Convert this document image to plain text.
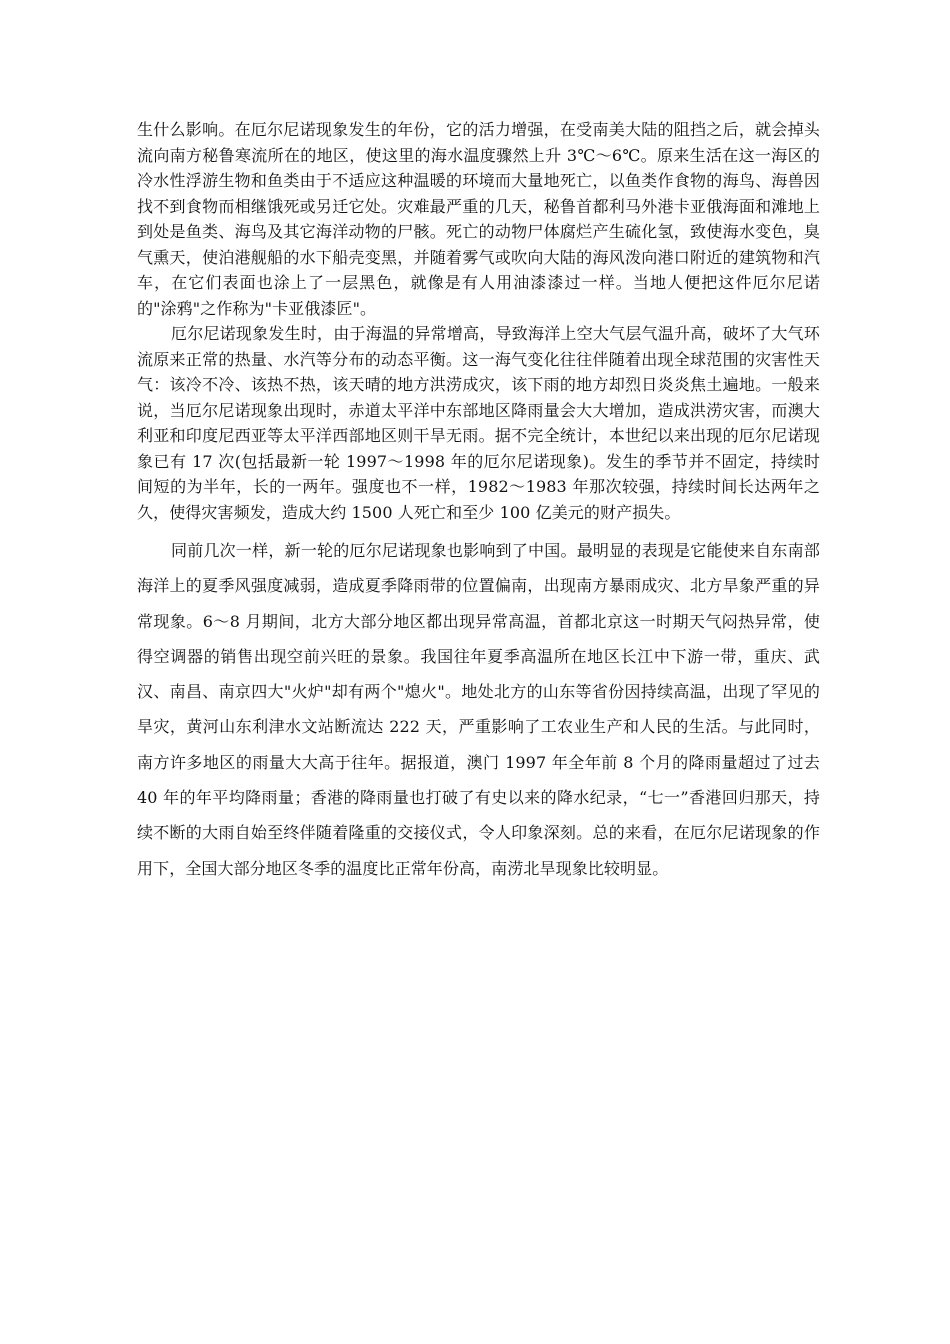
生什么影响。在厄尔尼诺现象发生的年份，它的活力增强，在受南美大陆的阻挡之后，就会掉头流向南方秘鲁寒流所在的地区，使这里的海水温度骤然上升 3℃～6℃。原来生活在这一海区的冷水性浮游生物和鱼类由于不适应这种温暖的环境而大量地死亡，以鱼类作食物的海鸟、海兽因找不到食物而相继饿死或另迁它处。灾难最严重的几天，秘鲁首都利马外港卡亚俄海面和滩地上到处是鱼类、海鸟及其它海洋动物的尸骸。死亡的动物尸体腐烂产生硫化氢，致使海水变色，臭气熏天，使泊港舰船的水下船壳变黑，并随着雾气或吹向大陆的海风泼向港口附近的建筑物和汽车，在它们表面也涂上了一层黑色，就像是有人用油漆漆过一样。当地人便把这件厄尔尼诺的"涂鸦"之作称为"卡亚俄漆匠"。

厄尔尼诺现象发生时，由于海温的异常增高，导致海洋上空大气层气温升高，破坏了大气环流原来正常的热量、水汽等分布的动态平衡。这一海气变化往往伴随着出现全球范围的灾害性天气：该冷不冷、该热不热，该天晴的地方洪涝成灾，该下雨的地方却烈日炎炎焦土遍地。一般来说，当厄尔尼诺现象出现时，赤道太平洋中东部地区降雨量会大大增加，造成洪涝灾害，而澳大利亚和印度尼西亚等太平洋西部地区则干旱无雨。据不完全统计，本世纪以来出现的厄尔尼诺现象已有 17 次(包括最新一轮 1997～1998 年的厄尔尼诺现象)。发生的季节并不固定，持续时间短的为半年，长的一两年。强度也不一样，1982～1983 年那次较强，持续时间长达两年之久，使得灾害频发，造成大约 1500 人死亡和至少 100 亿美元的财产损失。

同前几次一样，新一轮的厄尔尼诺现象也影响到了中国。最明显的表现是它能使来自东南部海洋上的夏季风强度减弱，造成夏季降雨带的位置偏南，出现南方暴雨成灾、北方旱象严重的异常现象。6～8 月期间，北方大部分地区都出现异常高温，首都北京这一时期天气闷热异常，使得空调器的销售出现空前兴旺的景象。我国往年夏季高温所在地区长江中下游一带，重庆、武汉、南昌、南京四大"火炉"却有两个"熄火"。地处北方的山东等省份因持续高温，出现了罕见的旱灾，黄河山东利津水文站断流达 222 天，严重影响了工农业生产和人民的生活。与此同时，南方许多地区的雨量大大高于往年。据报道，澳门 1997 年全年前 8 个月的降雨量超过了过去 40 年的年平均降雨量；香港的降雨量也打破了有史以来的降水纪录，“七一”香港回归那天，持续不断的大雨自始至终伴随着隆重的交接仪式，令人印象深刻。总的来看，在厄尔尼诺现象的作用下，全国大部分地区冬季的温度比正常年份高，南涝北旱现象比较明显。
